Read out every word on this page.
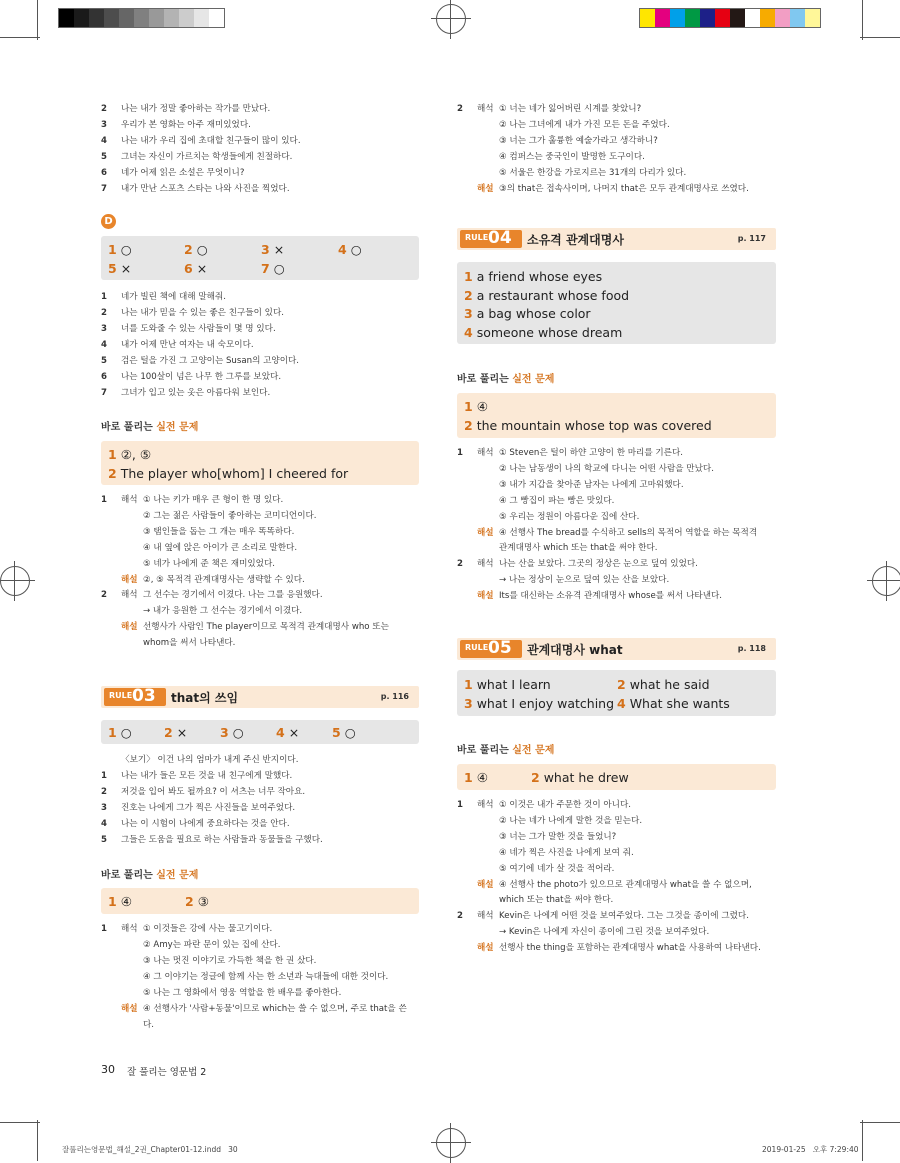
2 나는 내가 정말 좋아하는 작가를 만났다.
3 우리가 본 영화는 아주 재미있었다.
4 나는 내가 우리 집에 초대할 친구들이 많이 있다.
5 그녀는 자신이 가르치는 학생들에게 친절하다.
6 네가 어제 읽은 소설은 무엇이니?
7 내가 만난 스포츠 스타는 나와 사진을 찍었다.
D
1 ○	2 ○	3 ×	4 ○
5 ×	6 ×	7 ○
1 네가 빌린 책에 대해 말해줘.
2 나는 내가 믿을 수 있는 좋은 친구들이 있다.
3 너를 도와줄 수 있는 사람들이 몇 명 있다.
4 내가 어제 만난 여자는 내 숙모이다.
5 검은 털을 가진 그 고양이는 Susan의 고양이다.
6 나는 100살이 넘은 나무 한 그루를 보았다.
7 그녀가 입고 있는 옷은 아름다워 보인다.
바로 풀리는 실전 문제
1 ②, ⑤
2 The player who[whom] I cheered for
1 해석 ① 나는 키가 매우 큰 형이 한 명 있다.
② 그는 젊은 사람들이 좋아하는 코미디언이다.
③ 탬인들을 돕는 그 개는 매우 똑똑하다.
④ 내 옆에 앉은 아이가 큰 소리로 말한다.
⑤ 네가 나에게 준 책은 재미있었다.
해설 ②, ⑤ 목적격 관계대명사는 생략할 수 있다.
2 해석 그 선수는 경기에서 이겼다. 나는 그를 응원했다.
→ 내가 응원한 그 선수는 경기에서 이겼다.
해설 선행사가 사람인 The player이므로 목적격 관계대명사 who 또는
whom을 써서 나타낸다.
RULE 03 that의 쓰임	p. 116
1 ○	2 ×	3 ○	4 ×	5 ○
〈보기〉 이건 나의 엄마가 내게 주신 반지이다.
1 나는 내가 들은 모든 것을 내 친구에게 말했다.
2 저것을 입어 봐도 될까요? 이 셔츠는 너무 작아요.
3 진호는 나에게 그가 찍은 사진들을 보여주었다.
4 나는 이 시험이 나에게 중요하다는 것을 안다.
5 그들은 도움을 필요로 하는 사람들과 동물들을 구했다.
바로 풀리는 실전 문제
1 ④	2 ③
1 해석 ① 이것들은 강에 사는 물고기이다.
② Amy는 파란 문이 있는 집에 산다.
③ 나는 멋진 이야기로 가득한 책을 한 권 샀다.
④ 그 이야기는 정글에 함께 사는 한 소년과 늑대들에 대한 것이다.
⑤ 나는 그 영화에서 영웅 역할을 한 배우를 좋아한다.
해설 ④ 선행사가 '사람+동물'이므로 which는 쓸 수 없으며, 주로 that을 쓴
다.
2 해석 ① 너는 네가 잃어버린 시계를 찾았니?
② 나는 그녀에게 내가 가진 모든 돈을 주었다.
③ 너는 그가 훌륭한 예술가라고 생각하니?
④ 컴퍼스는 중국인이 발명한 도구이다.
⑤ 서울은 한강을 가로지르는 31개의 다리가 있다.
해설 ③의 that은 접속사이며, 나머지 that은 모두 관계대명사로 쓰였다.
RULE 04 소유격 관계대명사	p. 117
1 a friend whose eyes
2 a restaurant whose food
3 a bag whose color
4 someone whose dream
바로 풀리는 실전 문제
1 ④
2 the mountain whose top was covered
1 해석 ① Steven은 털이 하얀 고양이 한 마리를 기른다.
② 나는 남동생이 나의 학교에 다니는 어떤 사람을 만났다.
③ 내가 지갑을 찾아준 남자는 나에게 고마워했다.
④ 그 빵집이 파는 빵은 맛있다.
⑤ 우리는 정원이 아름다운 집에 산다.
해설 ④ 선행사 The bread를 수식하고 sells의 목적어 역할을 하는 목적격
관계대명사 which 또는 that을 써야 한다.
2 해석 나는 산을 보았다. 그곳의 정상은 눈으로 덮여 있었다.
→ 나는 정상이 눈으로 덮여 있는 산을 보았다.
해설 Its를 대신하는 소유격 관계대명사 whose를 써서 나타낸다.
RULE 05 관계대명사 what	p. 118
1 what I learn	2 what he said
3 what I enjoy watching 4 What she wants
바로 풀리는 실전 문제
1 ④	2 what he drew
1 해석 ① 이것은 내가 주문한 것이 아니다.
② 나는 네가 나에게 말한 것을 믿는다.
③ 너는 그가 말한 것을 들었니?
④ 네가 찍은 사진을 나에게 보여 줘.
⑤ 여기에 네가 살 것을 적어라.
해설 ④ 선행사 the photo가 있으므로 관계대명사 what을 쓸 수 없으며,
which 또는 that을 써야 한다.
2 해석 Kevin은 나에게 어떤 것을 보여주었다. 그는 그것을 종이에 그렸다.
→ Kevin은 나에게 자신이 종이에 그린 것을 보여주었다.
해설 선행사 the thing을 포함하는 관계대명사 what을 사용하여 나타낸다.
30 잘 풀리는 영문법 2
잘풀리는영문법_해설_2권_Chapter01-12.indd   30	2019-01-25   오후 7:29:40
